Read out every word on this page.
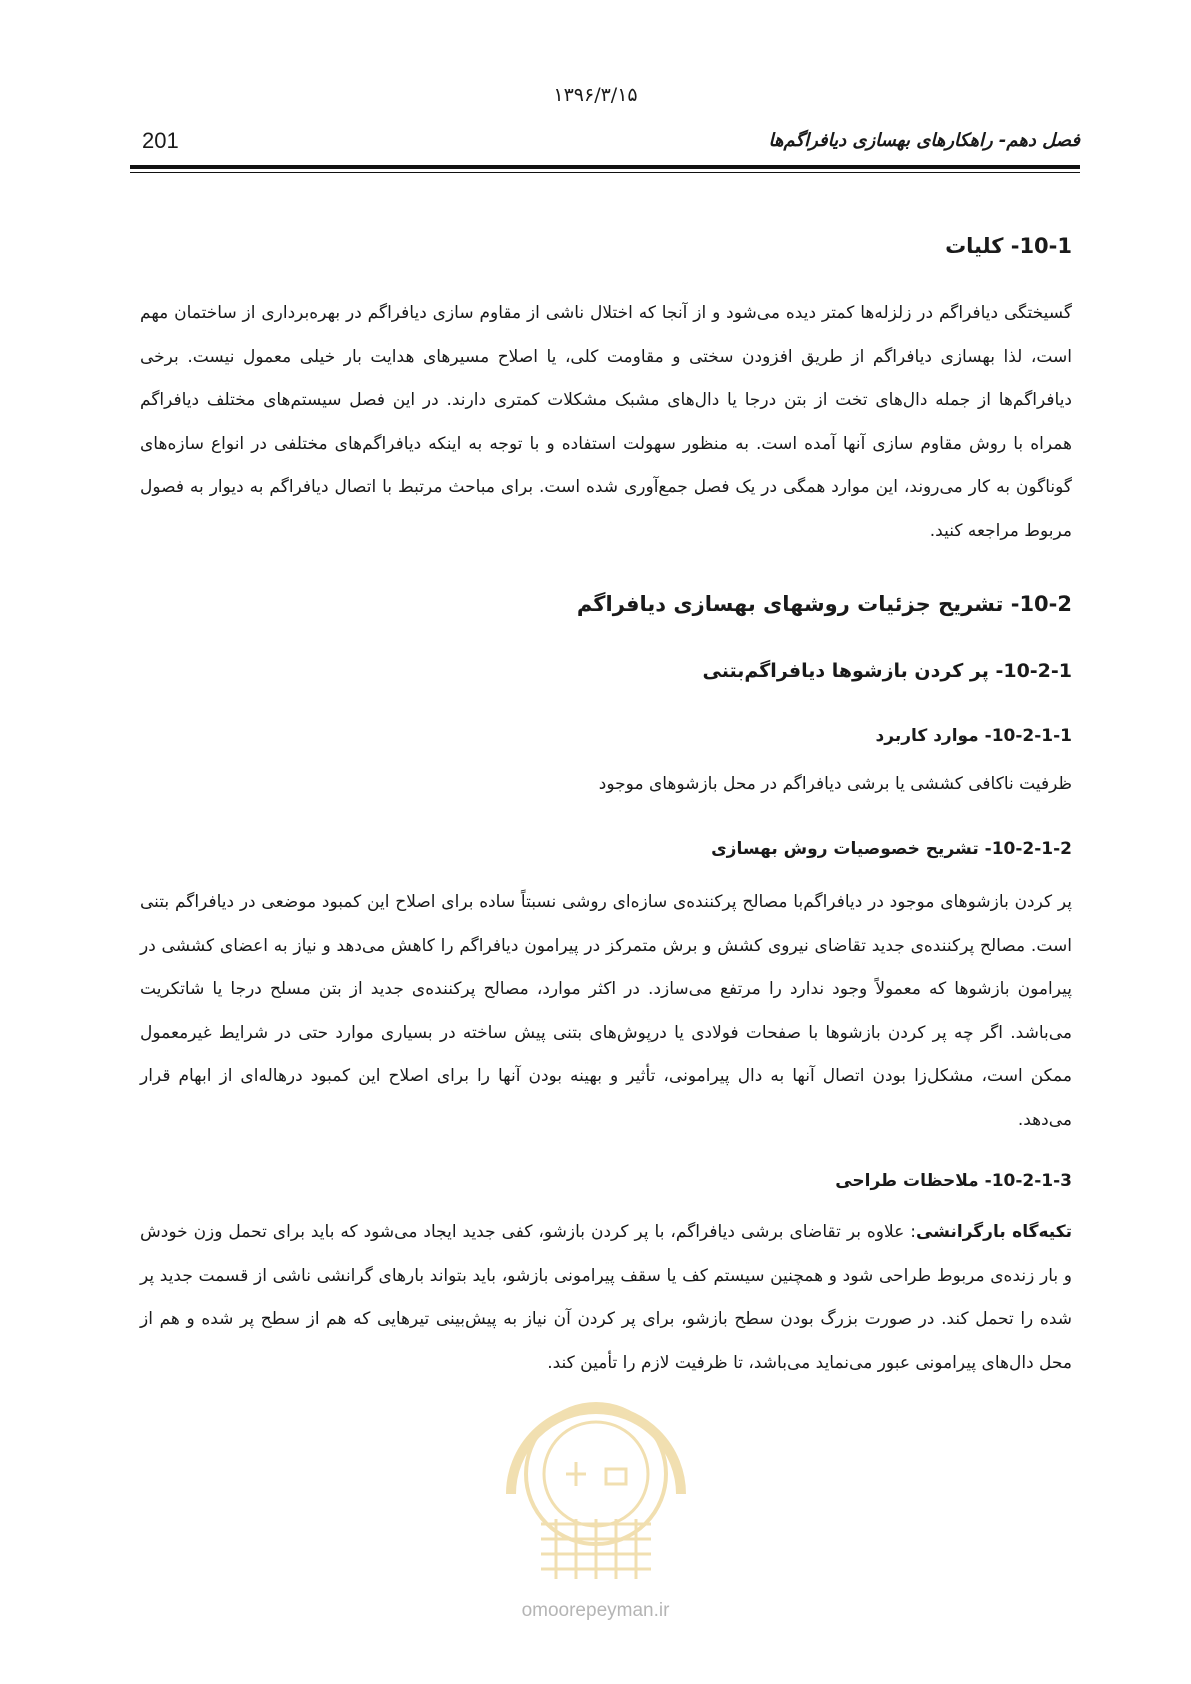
۱۳۹۶/۳/۱۵
201	فصل دهم- راهکارهای بهسازی دیافراگم‌ها
10-1- کلیات

گسیختگی دیافراگم در زلزله‌ها کمتر دیده می‌شود و از آنجا که اختلال ناشی از مقاوم سازی دیافراگم در بهره‌برداری از ساختمان مهم است، لذا بهسازی دیافراگم از طریق افزودن سختی و مقاومت کلی، یا اصلاح مسیرهای هدایت بار خیلی معمول نیست. برخی دیافراگم‌ها از جمله دال‌های تخت از بتن درجا یا دال‌های مشبک مشکلات کمتری دارند. در این فصل سیستم‌های مختلف دیافراگم همراه با روش مقاوم سازی آنها آمده است. به منظور سهولت استفاده و با توجه به اینکه دیافراگم‌های مختلفی در انواع سازه‌های گوناگون به کار می‌روند، این موارد همگی در یک فصل جمع‌آوری شده است. برای مباحث مرتبط با اتصال دیافراگم به دیوار به فصول مربوط مراجعه کنید.

10-2- تشریح جزئیات روشهای بهسازی دیافراگم
10-2-1- پر کردن بازشوها دیافراگم‌بتنی
10-2-1-1- موارد کاربرد

ظرفیت ناکافی کششی یا برشی دیافراگم در محل بازشوهای موجود

10-2-1-2- تشریح خصوصیات روش بهسازی

پر کردن بازشوهای موجود در دیافراگم‌با مصالح پرکننده‌ی سازه‌ای روشی نسبتاً ساده برای اصلاح این کمبود موضعی در دیافراگم بتنی است. مصالح پرکننده‌ی جدید تقاضای نیروی کشش و برش متمرکز در پیرامون دیافراگم را کاهش می‌دهد و نیاز به اعضای کششی در پیرامون بازشوها که معمولاً وجود ندارد را مرتفع می‌سازد. در اکثر موارد، مصالح پرکننده‌ی جدید از بتن مسلح درجا یا شاتکریت می‌باشد. اگر چه پر کردن بازشوها با صفحات فولادی یا درپوش‌های بتنی پیش ساخته در بسیاری موارد حتی در شرایط غیرمعمول ممکن است، مشکل‌زا بودن اتصال آنها به دال پیرامونی، تأثیر و بهینه بودن آنها را برای اصلاح این کمبود درهاله‌ای از ابهام قرار می‌دهد.

10-2-1-3- ملاحظات طراحی

تکیه‌گاه بارگرانشی: علاوه بر تقاضای برشی دیافراگم، با پر کردن بازشو، کفی جدید ایجاد می‌شود که باید برای تحمل وزن خودش و بار زنده‌ی مربوط طراحی شود و همچنین سیستم کف یا سقف پیرامونی بازشو، باید بتواند بارهای گرانشی ناشی از قسمت جدید پر شده را تحمل کند. در صورت بزرگ بودن سطح بازشو، برای پر کردن آن نیاز به پیش‌بینی تیرهایی که هم از سطح پر شده و هم از محل دال‌های پیرامونی عبور می‌نماید می‌باشد، تا ظرفیت لازم را تأمین کند.

omoorepeyman.ir
